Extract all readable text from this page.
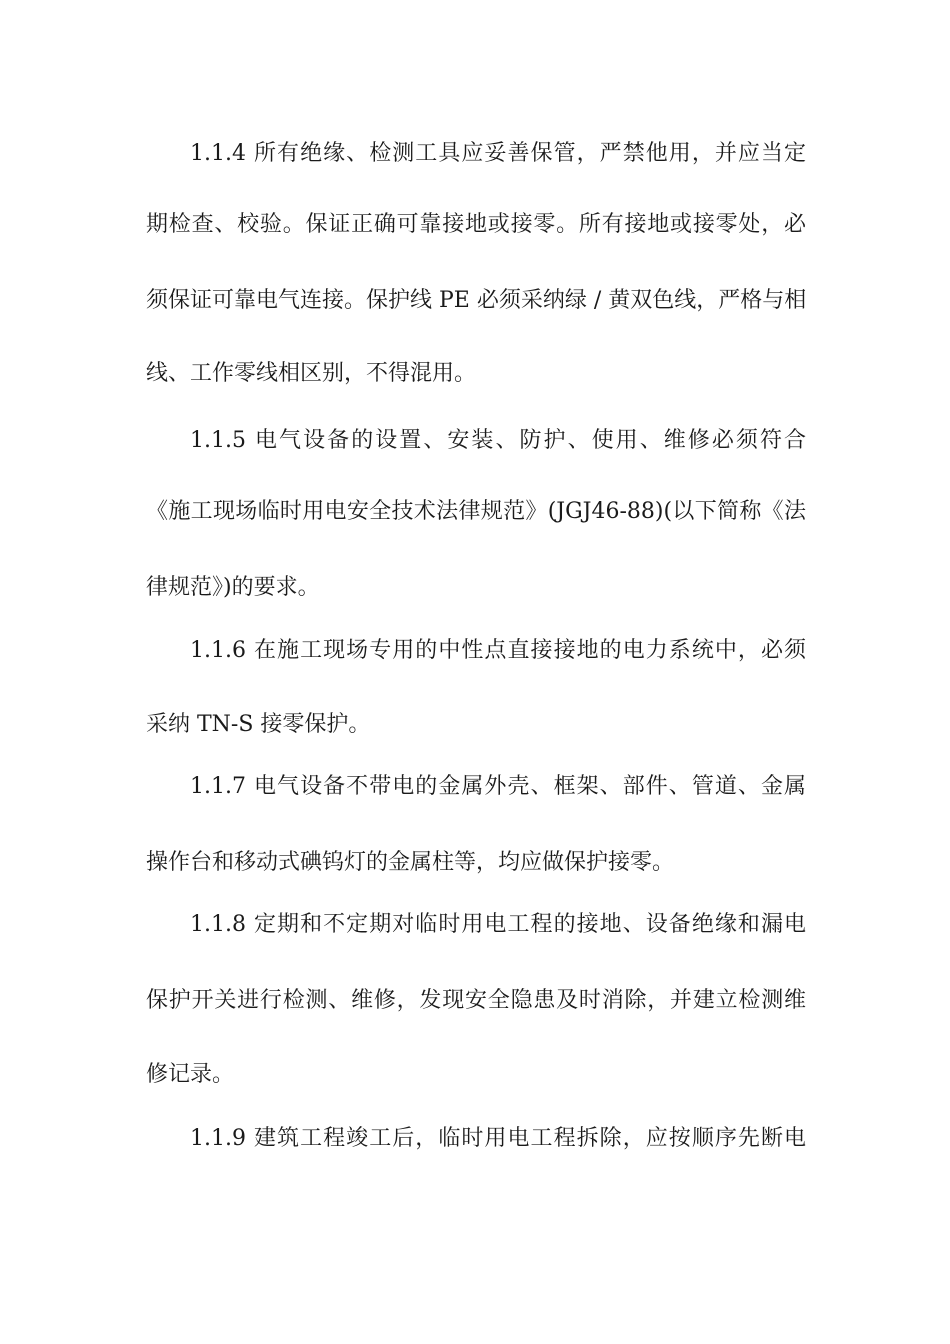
1.1.4 所有绝缘、检测工具应妥善保管，严禁他用，并应当定
期检查、校验。保证正确可靠接地或接零。所有接地或接零处，必
须保证可靠电气连接。保护线 PE 必须采纳绿 / 黄双色线，严格与相
线、工作零线相区别，不得混用。
1.1.5 电气设备的设置、安装、防护、使用、维修必须符合
《施工现场临时用电安全技术法律规范》(JGJ46-88)(以下简称《法
律规范》)的要求。
1.1.6 在施工现场专用的中性点直接接地的电力系统中，必须
采纳 TN-S 接零保护。
1.1.7 电气设备不带电的金属外壳、框架、部件、管道、金属
操作台和移动式碘钨灯的金属柱等，均应做保护接零。
1.1.8 定期和不定期对临时用电工程的接地、设备绝缘和漏电
保护开关进行检测、维修，发现安全隐患及时消除，并建立检测维
修记录。
1.1.9 建筑工程竣工后，临时用电工程拆除，应按顺序先断电
